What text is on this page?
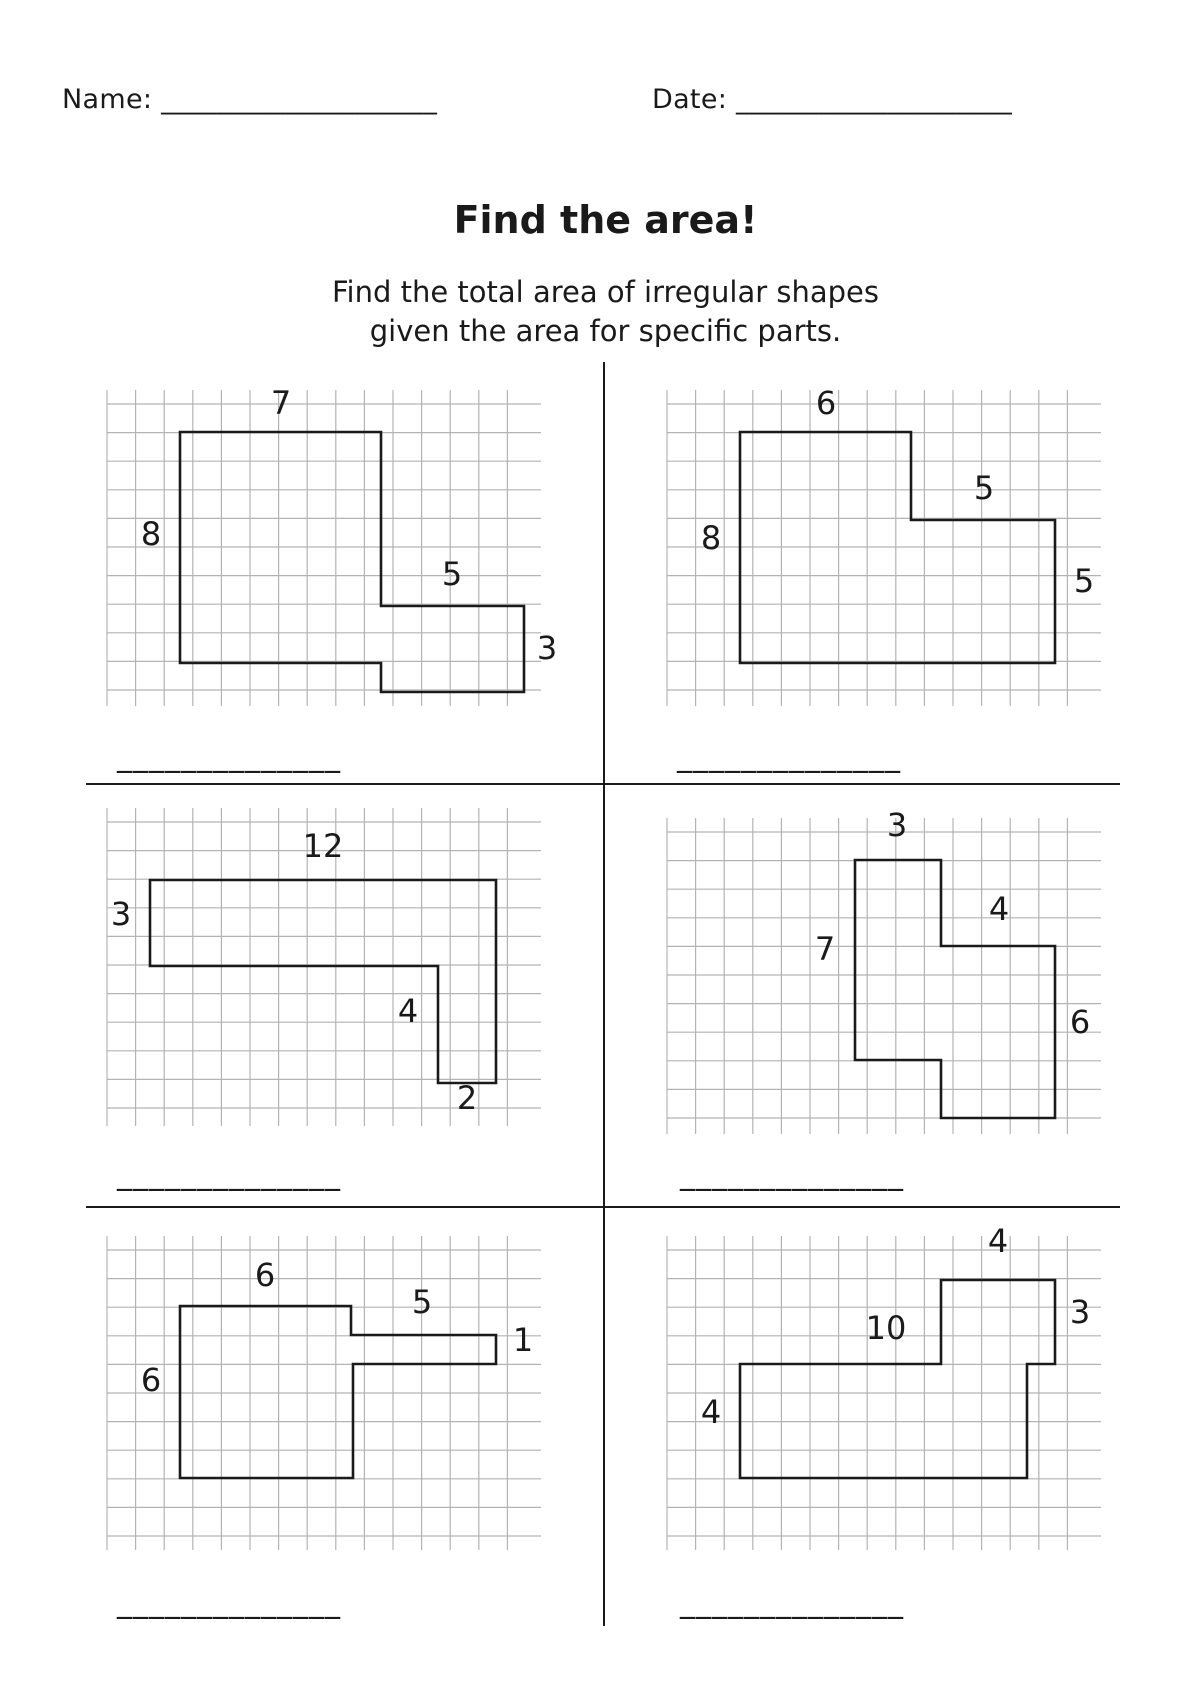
Name: ____________________	Date: ____________________
Find the area!
Find the total area of irregular shapes
given the area for specific parts.
7
8
5
3
______________
6
8
5
5
______________
12
3
4
2
______________
3
7
4
6
______________
6
6
5
1
______________
4
10	3
4
______________
